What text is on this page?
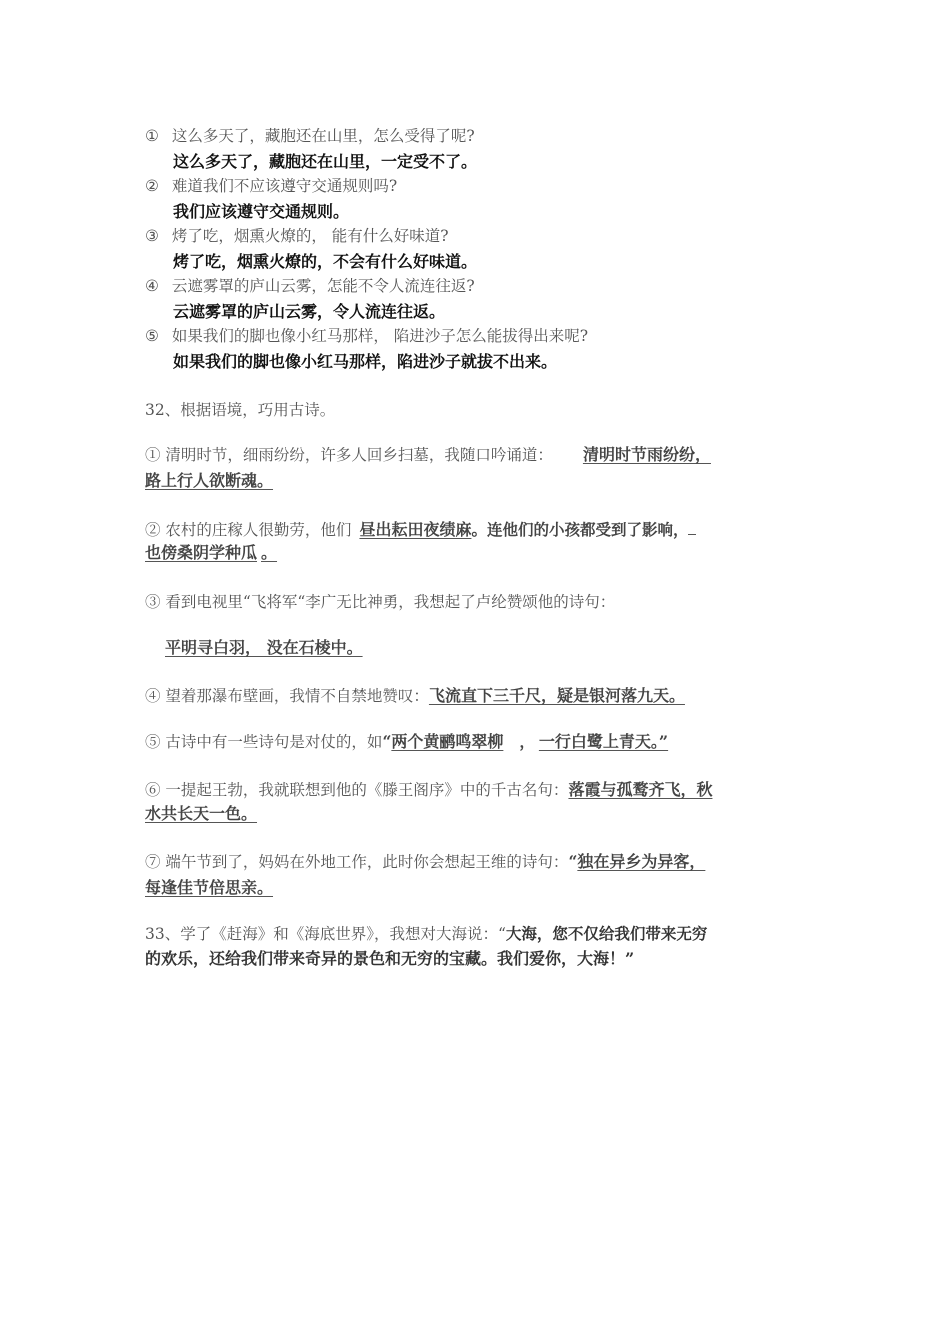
① 这么多天了，藏胞还在山里，怎么受得了呢?
这么多天了，藏胞还在山里，一定受不了。
② 难道我们不应该遵守交通规则吗?
我们应该遵守交通规则。
③ 烤了吃，烟熏火燎的， 能有什么好味道?
烤了吃，烟熏火燎的，不会有什么好味道。
④ 云遮雾罩的庐山云雾，怎能不令人流连往返?
云遮雾罩的庐山云雾，令人流连往返。
⑤ 如果我们的脚也像小红马那样， 陷进沙子怎么能拔得出来呢?
如果我们的脚也像小红马那样，陷进沙子就拔不出来。
32、根据语境，巧用古诗。
① 清明时节，细雨纷纷，许多人回乡扫墓，我随口吟诵道： 清明时节雨纷纷，
路上行人欲断魂。
② 农村的庄稼人很勤劳，他们 昼出耘田夜绩麻。连他们的小孩都受到了影响，
也傍桑阴学种瓜 。
③ 看到电视里“飞将军“李广无比神勇，我想起了卢纶赞颂他的诗句：
平明寻白羽， 没在石棱中。
④ 望着那瀑布壁画，我情不自禁地赞叹：飞流直下三千尺，疑是银河落九天。
⑤ 古诗中有一些诗句是对仗的，如“两个黄鹂鸣翠柳 ， 一行白鹭上青天。”
⑥ 一提起王勃，我就联想到他的《滕王阁序》中的千古名句：落霞与孤鹜齐飞，秋
水共长天一色。
⑦ 端午节到了，妈妈在外地工作，此时你会想起王维的诗句：“独在异乡为异客，
每逢佳节倍思亲。
33、学了《赶海》和《海底世界》，我想对大海说：“大海，您不仅给我们带来无穷
的欢乐，还给我们带来奇异的景色和无穷的宝藏。我们爱你，大海！”
